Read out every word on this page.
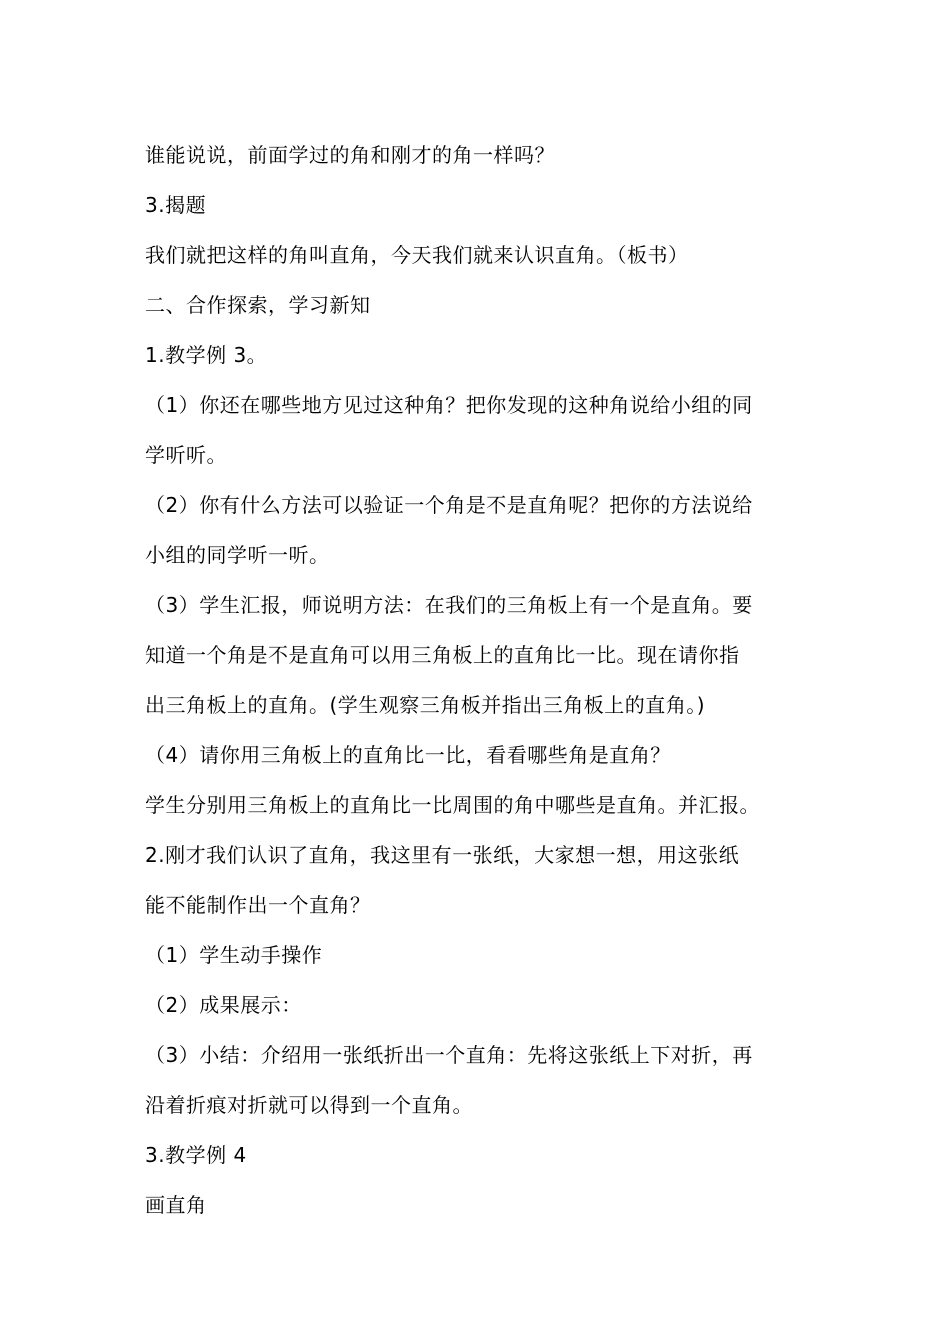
谁能说说，前面学过的角和刚才的角一样吗？
3.揭题
我们就把这样的角叫直角，今天我们就来认识直角。（板书）
二、合作探索，学习新知
1.教学例 3。
（1）你还在哪些地方见过这种角？把你发现的这种角说给小组的同
学听听。
（2）你有什么方法可以验证一个角是不是直角呢？把你的方法说给
小组的同学听一听。
（3）学生汇报，师说明方法：在我们的三角板上有一个是直角。要
知道一个角是不是直角可以用三角板上的直角比一比。现在请你指
出三角板上的直角。(学生观察三角板并指出三角板上的直角。)
（4）请你用三角板上的直角比一比，看看哪些角是直角？
学生分别用三角板上的直角比一比周围的角中哪些是直角。并汇报。
2.刚才我们认识了直角，我这里有一张纸，大家想一想，用这张纸
能不能制作出一个直角？
（1）学生动手操作
（2）成果展示：
（3）小结：介绍用一张纸折出一个直角：先将这张纸上下对折，再
沿着折痕对折就可以得到一个直角。
3.教学例 4
画直角
